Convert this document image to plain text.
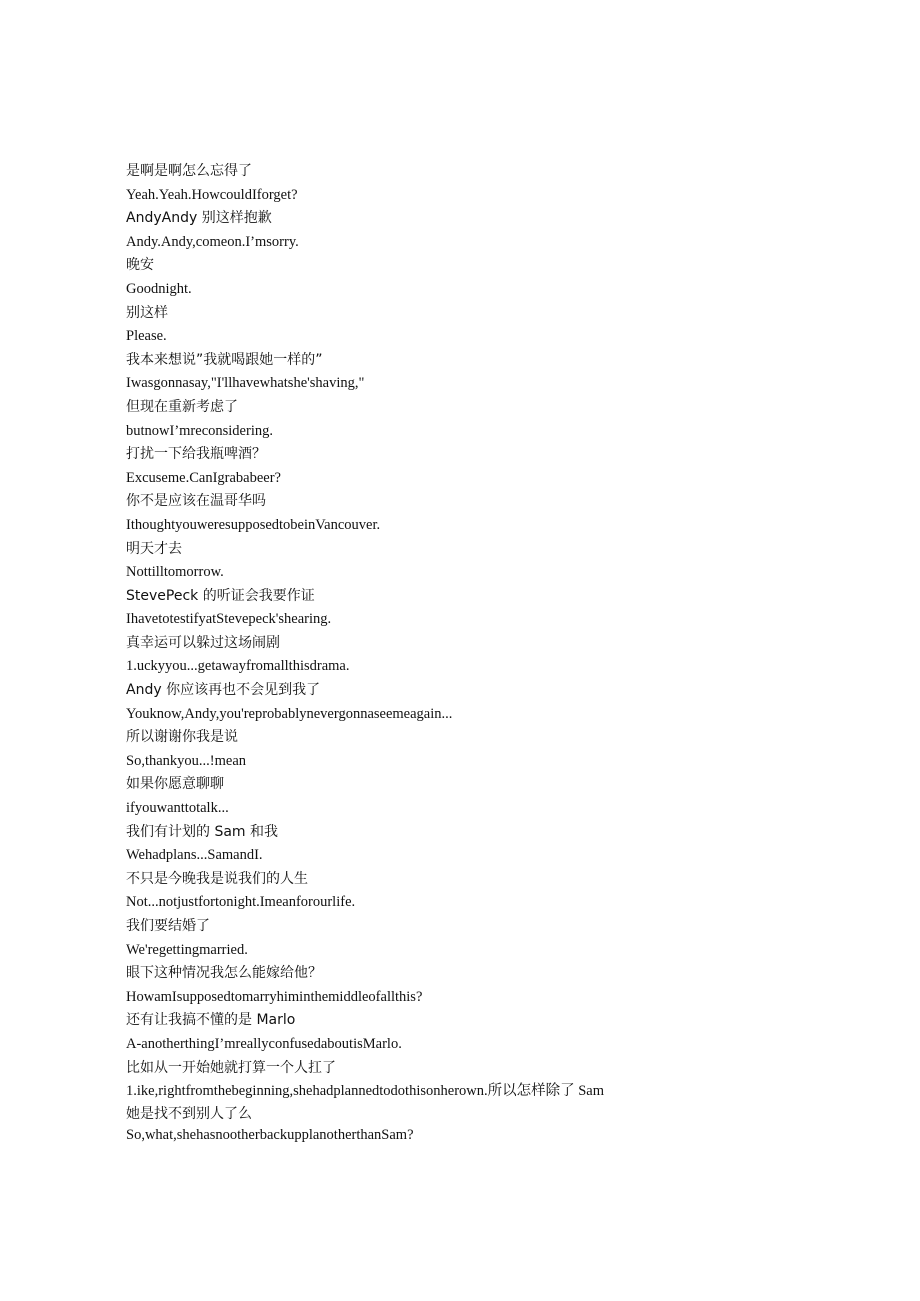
是啊是啊怎么忘得了
Yeah.Yeah.HowcouldIforget?
AndyAndy 别这样抱歉
Andy.Andy,comeon.I’msorry.
晚安
Goodnight.
别这样
Please.
我本来想说”我就喝跟她一样的”
Iwasgonnasay,"I'llhavewhatshe'shaving,"
但现在重新考虑了
butnowI’mreconsidering.
打扰一下给我瓶啤酒？
Excuseme.CanIgrababeer?
你不是应该在温哥华吗
IthoughtyouweresupposedtobeinVancouver.
明天才去
Nottilltomorrow.
StevePeck 的听证会我要作证
IhavetotestifyatStevepeck'shearing.
真幸运可以躲过这场闹剧
1.uckyyou...getawayfromallthisdrama.
Andy 你应该再也不会见到我了
Youknow,Andy,you'reprobablynevergonnaseemeagain...
所以谢谢你我是说
So,thankyou...!mean
如果你愿意聊聊
ifyouwanttotalk...
我们有计划的 Sam 和我
Wehadplans...SamandI.
不只是今晚我是说我们的人生
Not...notjustfortonight.Imeanforourlife.
我们要结婚了
We'regettingmarried.
眼下这种情况我怎么能嫁给他？
HowamIsupposedtomarryhiminthemiddleofallthis?
还有让我搞不懂的是 Marlo
A-anotherthingI’mreallyconfusedaboutisMarlo.
比如从一开始她就打算一个人扛了
1.ike,rightfromthebeginning,shehadplannedtodothisonherown.所以怎样除了 Sam
她是找不到别人了么
So,what,shehasnootherbackupplanotherthanSam?
